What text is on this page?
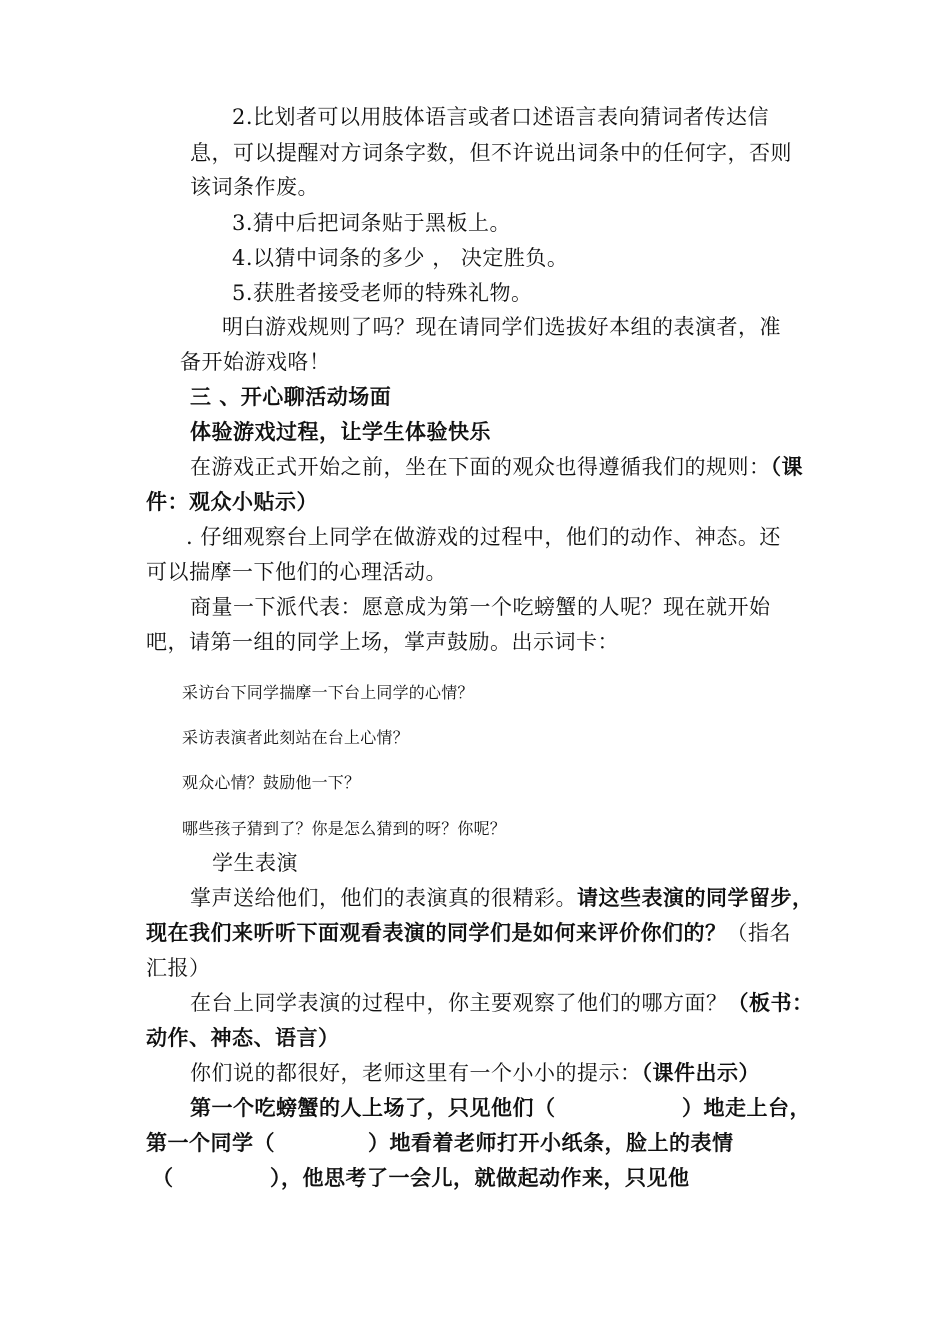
2.比划者可以用肢体语言或者口述语言表向猜词者传达信
息，可以提醒对方词条字数，但不许说出词条中的任何字，否则
该词条作废。
3.猜中后把词条贴于黑板上。
4.以猜中词条的多少 ， 决定胜负。
5.获胜者接受老师的特殊礼物。
明白游戏规则了吗？现在请同学们选拔好本组的表演者，准
备开始游戏咯！
三 、开心聊活动场面
体验游戏过程，让学生体验快乐
在游戏正式开始之前，坐在下面的观众也得遵循我们的规则：（课
件：观众小贴示）
. 仔细观察台上同学在做游戏的过程中，他们的动作、神态。还
可以揣摩一下他们的心理活动。
商量一下派代表：愿意成为第一个吃螃蟹的人呢？现在就开始
吧，请第一组的同学上场，掌声鼓励。出示词卡：
采访台下同学揣摩一下台上同学的心情？
采访表演者此刻站在台上心情？
观众心情？鼓励他一下？
哪些孩子猜到了？你是怎么猜到的呀？你呢？
学生表演
掌声送给他们，他们的表演真的很精彩。请这些表演的同学留步，
现在我们来听听下面观看表演的同学们是如何来评价你们的？（指名
汇报）
在台上同学表演的过程中，你主要观察了他们的哪方面？（板书：
动作、神态、语言）
你们说的都很好，老师这里有一个小小的提示：（课件出示）
第一个吃螃蟹的人上场了，只见他们（	）地走上台，
第一个同学（	）地看着老师打开小纸条，脸上的表情
（	），他思考了一会儿，就做起动作来，只见他
